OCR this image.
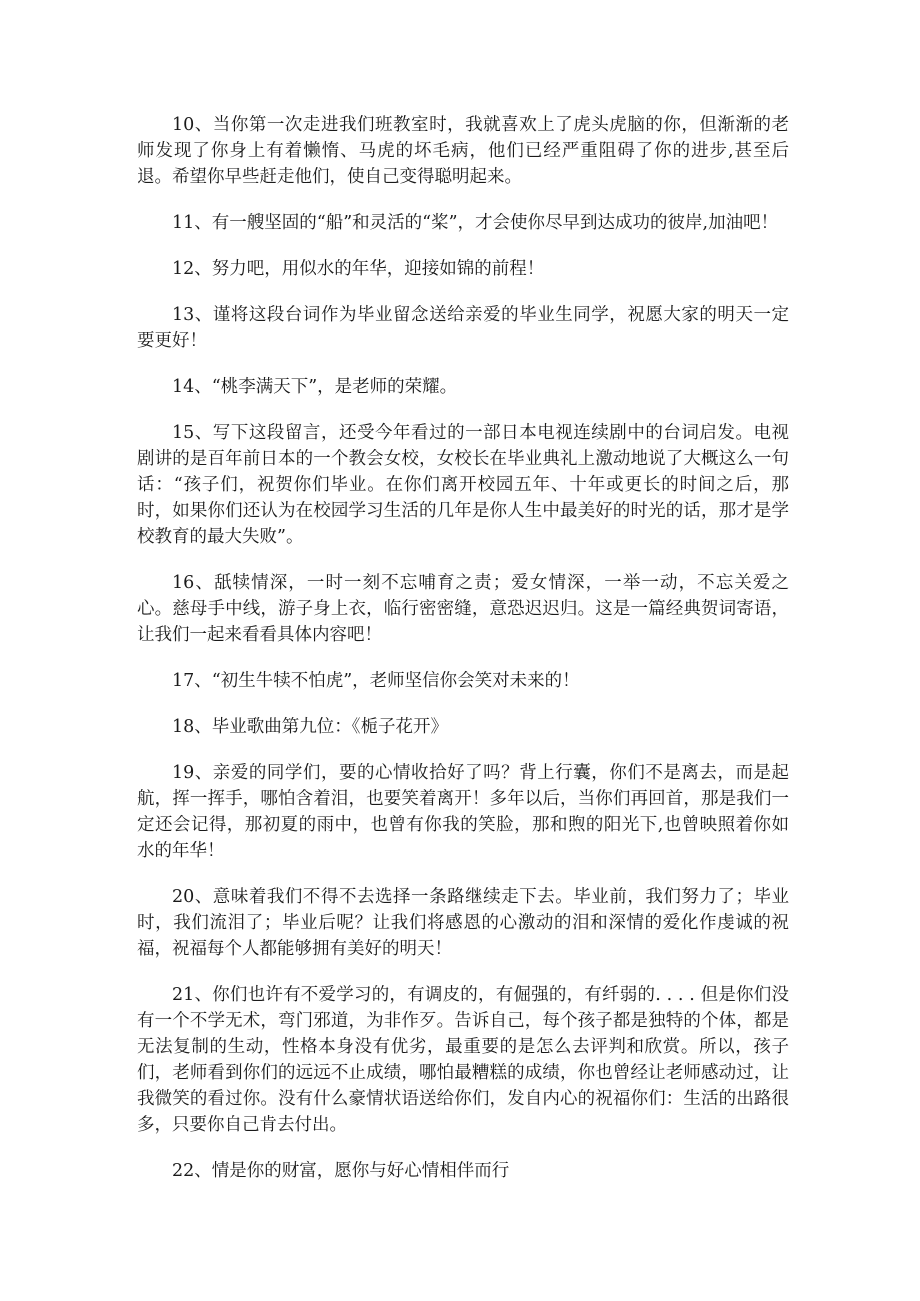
10、当你第一次走进我们班教室时，我就喜欢上了虎头虎脑的你，但渐渐的老师发现了你身上有着懒惰、马虎的坏毛病，他们已经严重阻碍了你的进步,甚至后退。希望你早些赶走他们，使自己变得聪明起来。

11、有一艘坚固的“船”和灵活的“桨”，才会使你尽早到达成功的彼岸,加油吧！

12、努力吧，用似水的年华，迎接如锦的前程！

13、谨将这段台词作为毕业留念送给亲爱的毕业生同学，祝愿大家的明天一定要更好！

14、“桃李满天下”，是老师的荣耀。

15、写下这段留言，还受今年看过的一部日本电视连续剧中的台词启发。电视剧讲的是百年前日本的一个教会女校，女校长在毕业典礼上激动地说了大概这么一句话：“孩子们，祝贺你们毕业。在你们离开校园五年、十年或更长的时间之后，那时，如果你们还认为在校园学习生活的几年是你人生中最美好的时光的话，那才是学校教育的最大失败”。

16、舐犊情深，一时一刻不忘哺育之责；爱女情深，一举一动，不忘关爱之心。慈母手中线，游子身上衣，临行密密缝，意恐迟迟归。这是一篇经典贺词寄语，让我们一起来看看具体内容吧！

17、“初生牛犊不怕虎”，老师坚信你会笑对未来的！

18、毕业歌曲第九位：《栀子花开》

19、亲爱的同学们，要的心情收拾好了吗？背上行囊，你们不是离去，而是起航，挥一挥手，哪怕含着泪，也要笑着离开！多年以后，当你们再回首，那是我们一定还会记得，那初夏的雨中，也曾有你我的笑脸，那和煦的阳光下,也曾映照着你如水的年华！

20、意味着我们不得不去选择一条路继续走下去。毕业前，我们努力了；毕业时，我们流泪了；毕业后呢？让我们将感恩的心激动的泪和深情的爱化作虔诚的祝福，祝福每个人都能够拥有美好的明天！

21、你们也许有不爱学习的，有调皮的，有倔强的，有纤弱的. . . . 但是你们没有一个不学无术，弯门邪道，为非作歹。告诉自己，每个孩子都是独特的个体，都是无法复制的生动，性格本身没有优劣，最重要的是怎么去评判和欣赏。所以，孩子们，老师看到你们的远远不止成绩，哪怕最糟糕的成绩，你也曾经让老师感动过，让我微笑的看过你。没有什么豪情状语送给你们，发自内心的祝福你们：生活的出路很多，只要你自己肯去付出。

22、情是你的财富，愿你与好心情相伴而行
